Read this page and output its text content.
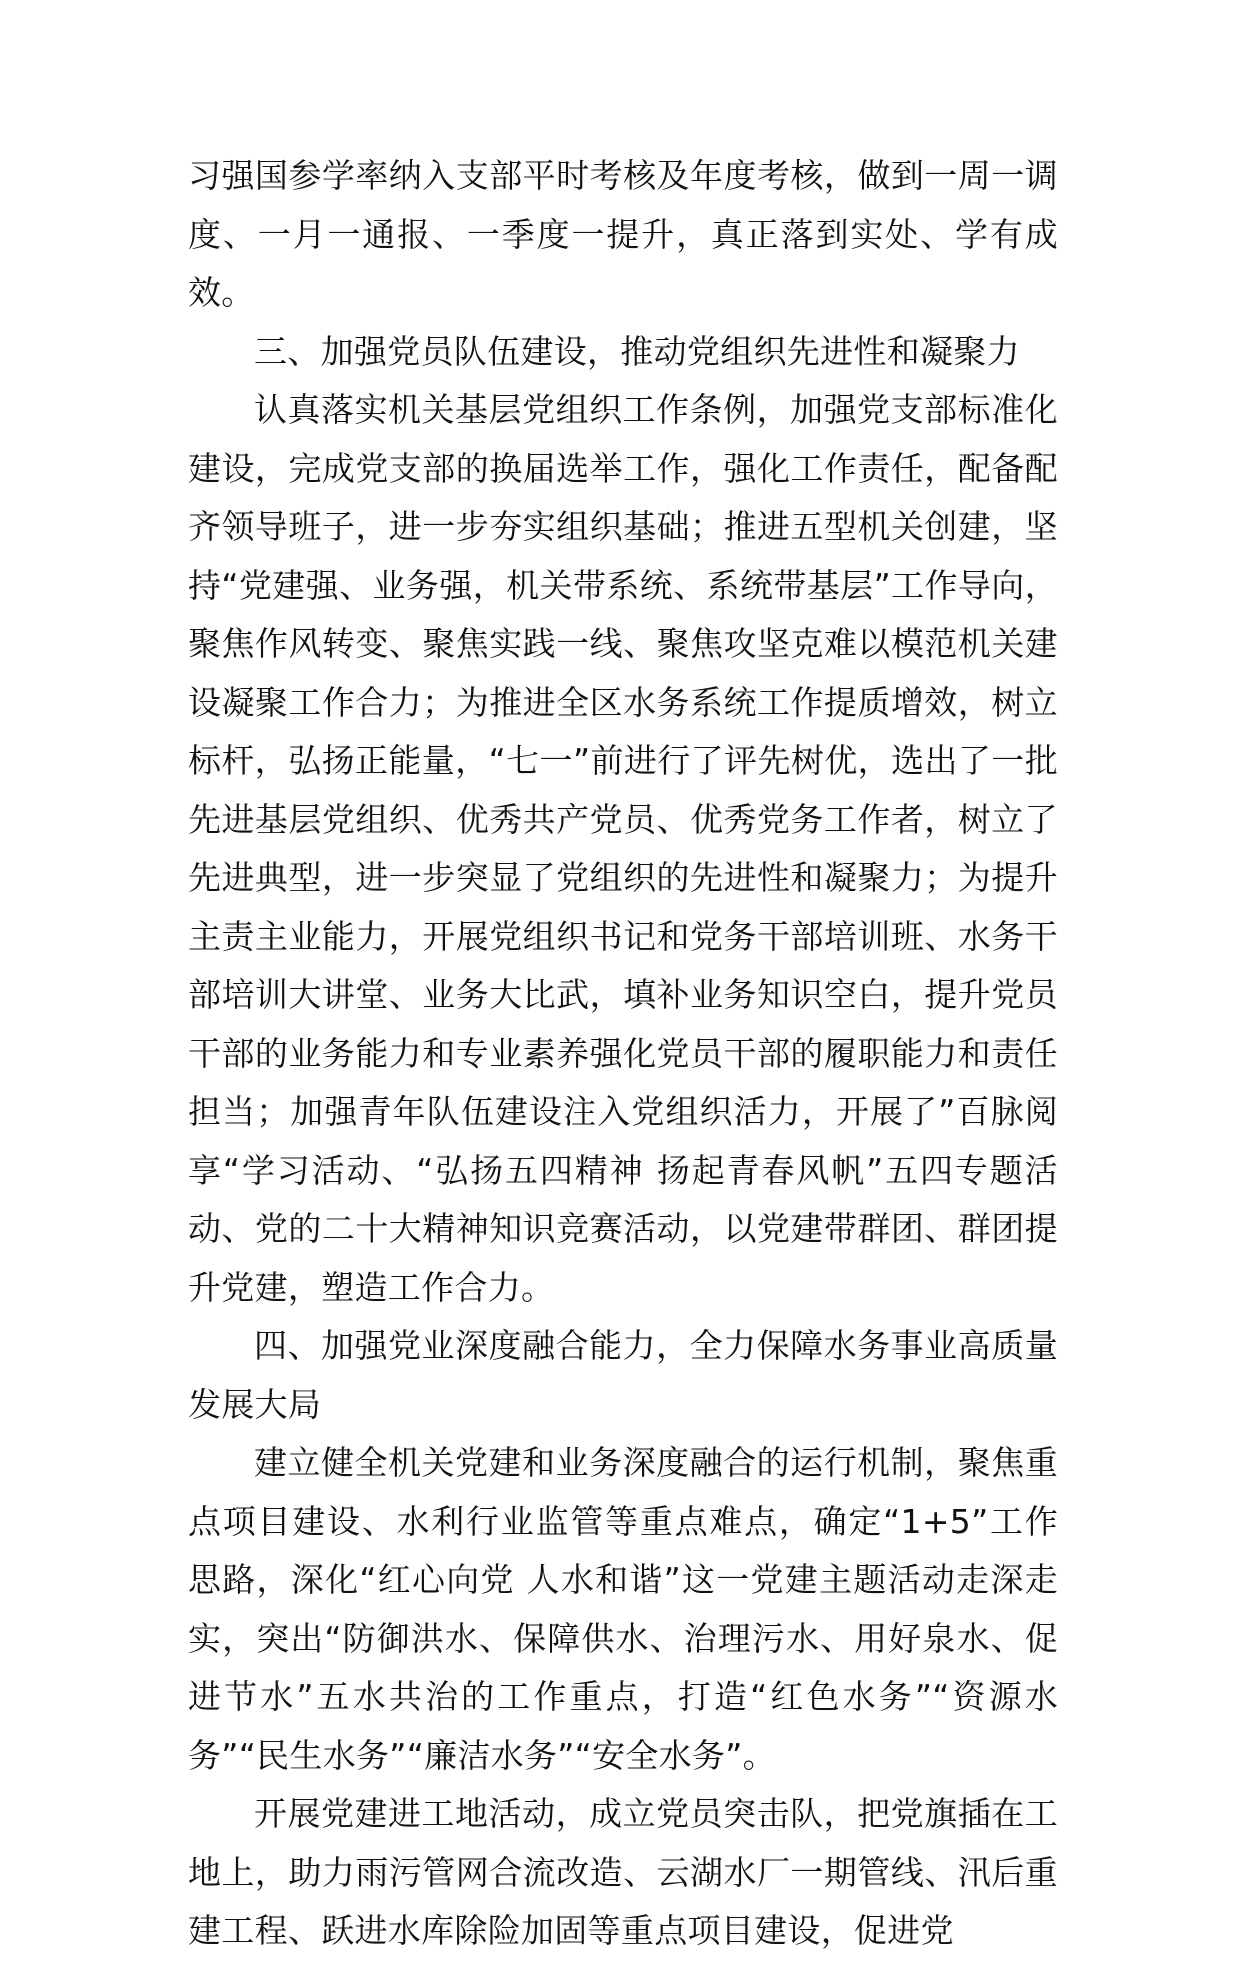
习强国参学率纳入支部平时考核及年度考核，做到一周一调度、一月一通报、一季度一提升，真正落到实处、学有成效。

三、加强党员队伍建设，推动党组织先进性和凝聚力

认真落实机关基层党组织工作条例，加强党支部标准化建设，完成党支部的换届选举工作，强化工作责任，配备配齐领导班子，进一步夯实组织基础；推进五型机关创建，坚持“党建强、业务强，机关带系统、系统带基层”工作导向，聚焦作风转变、聚焦实践一线、聚焦攻坚克难以模范机关建设凝聚工作合力；为推进全区水务系统工作提质增效，树立标杆，弘扬正能量，“七一”前进行了评先树优，选出了一批先进基层党组织、优秀共产党员、优秀党务工作者，树立了先进典型，进一步突显了党组织的先进性和凝聚力；为提升主责主业能力，开展党组织书记和党务干部培训班、水务干部培训大讲堂、业务大比武，填补业务知识空白，提升党员干部的业务能力和专业素养强化党员干部的履职能力和责任担当；加强青年队伍建设注入党组织活力，开展了”百脉阅享“学习活动、“弘扬五四精神 扬起青春风帆”五四专题活动、党的二十大精神知识竞赛活动，以党建带群团、群团提升党建，塑造工作合力。

四、加强党业深度融合能力，全力保障水务事业高质量发展大局

建立健全机关党建和业务深度融合的运行机制，聚焦重点项目建设、水利行业监管等重点难点，确定“1+5”工作思路，深化“红心向党 人水和谐”这一党建主题活动走深走实，突出“防御洪水、保障供水、治理污水、用好泉水、促进节水”五水共治的工作重点，打造“红色水务”“资源水务”“民生水务”“廉洁水务”“安全水务”。

开展党建进工地活动，成立党员突击队，把党旗插在工地上，助力雨污管网合流改造、云湖水厂一期管线、汛后重建工程、跃进水库除险加固等重点项目建设，促进党
